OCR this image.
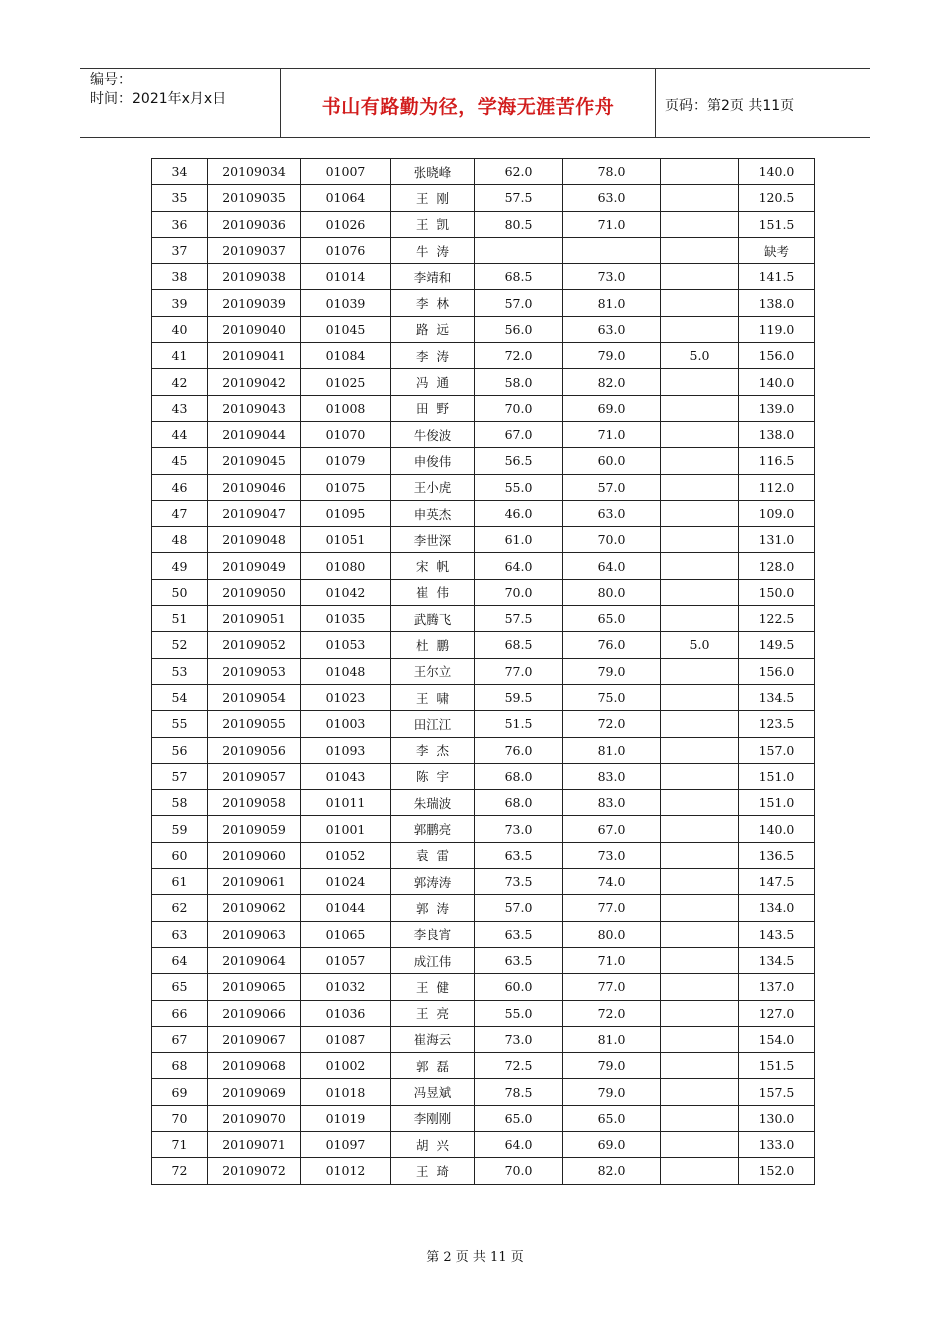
编号：
时间：2021年x月x日	书山有路勤为径，学海无涯苦作舟	页码：第2页 共11页
34	20109034	01007	张晓峰	62.0	78.0		140.0
35	20109035	01064	王  刚	57.5	63.0		120.5
36	20109036	01026	王  凯	80.5	71.0		151.5
37	20109037	01076	牛  涛				缺考
38	20109038	01014	李靖和	68.5	73.0		141.5
39	20109039	01039	李  林	57.0	81.0		138.0
40	20109040	01045	路  远	56.0	63.0		119.0
41	20109041	01084	李  涛	72.0	79.0	5.0	156.0
42	20109042	01025	冯  通	58.0	82.0		140.0
43	20109043	01008	田  野	70.0	69.0		139.0
44	20109044	01070	牛俊波	67.0	71.0		138.0
45	20109045	01079	申俊伟	56.5	60.0		116.5
46	20109046	01075	王小虎	55.0	57.0		112.0
47	20109047	01095	申英杰	46.0	63.0		109.0
48	20109048	01051	李世深	61.0	70.0		131.0
49	20109049	01080	宋  帆	64.0	64.0		128.0
50	20109050	01042	崔  伟	70.0	80.0		150.0
51	20109051	01035	武腾飞	57.5	65.0		122.5
52	20109052	01053	杜  鹏	68.5	76.0	5.0	149.5
53	20109053	01048	王尔立	77.0	79.0		156.0
54	20109054	01023	王  啸	59.5	75.0		134.5
55	20109055	01003	田江江	51.5	72.0		123.5
56	20109056	01093	李  杰	76.0	81.0		157.0
57	20109057	01043	陈  宇	68.0	83.0		151.0
58	20109058	01011	朱瑞波	68.0	83.0		151.0
59	20109059	01001	郭鹏亮	73.0	67.0		140.0
60	20109060	01052	袁  雷	63.5	73.0		136.5
61	20109061	01024	郭涛涛	73.5	74.0		147.5
62	20109062	01044	郭  涛	57.0	77.0		134.0
63	20109063	01065	李良宵	63.5	80.0		143.5
64	20109064	01057	成江伟	63.5	71.0		134.5
65	20109065	01032	王  健	60.0	77.0		137.0
66	20109066	01036	王  亮	55.0	72.0		127.0
67	20109067	01087	崔海云	73.0	81.0		154.0
68	20109068	01002	郭  磊	72.5	79.0		151.5
69	20109069	01018	冯昱斌	78.5	79.0		157.5
70	20109070	01019	李刚刚	65.0	65.0		130.0
71	20109071	01097	胡  兴	64.0	69.0		133.0
72	20109072	01012	王  琦	70.0	82.0		152.0
第 2 页 共 11 页
